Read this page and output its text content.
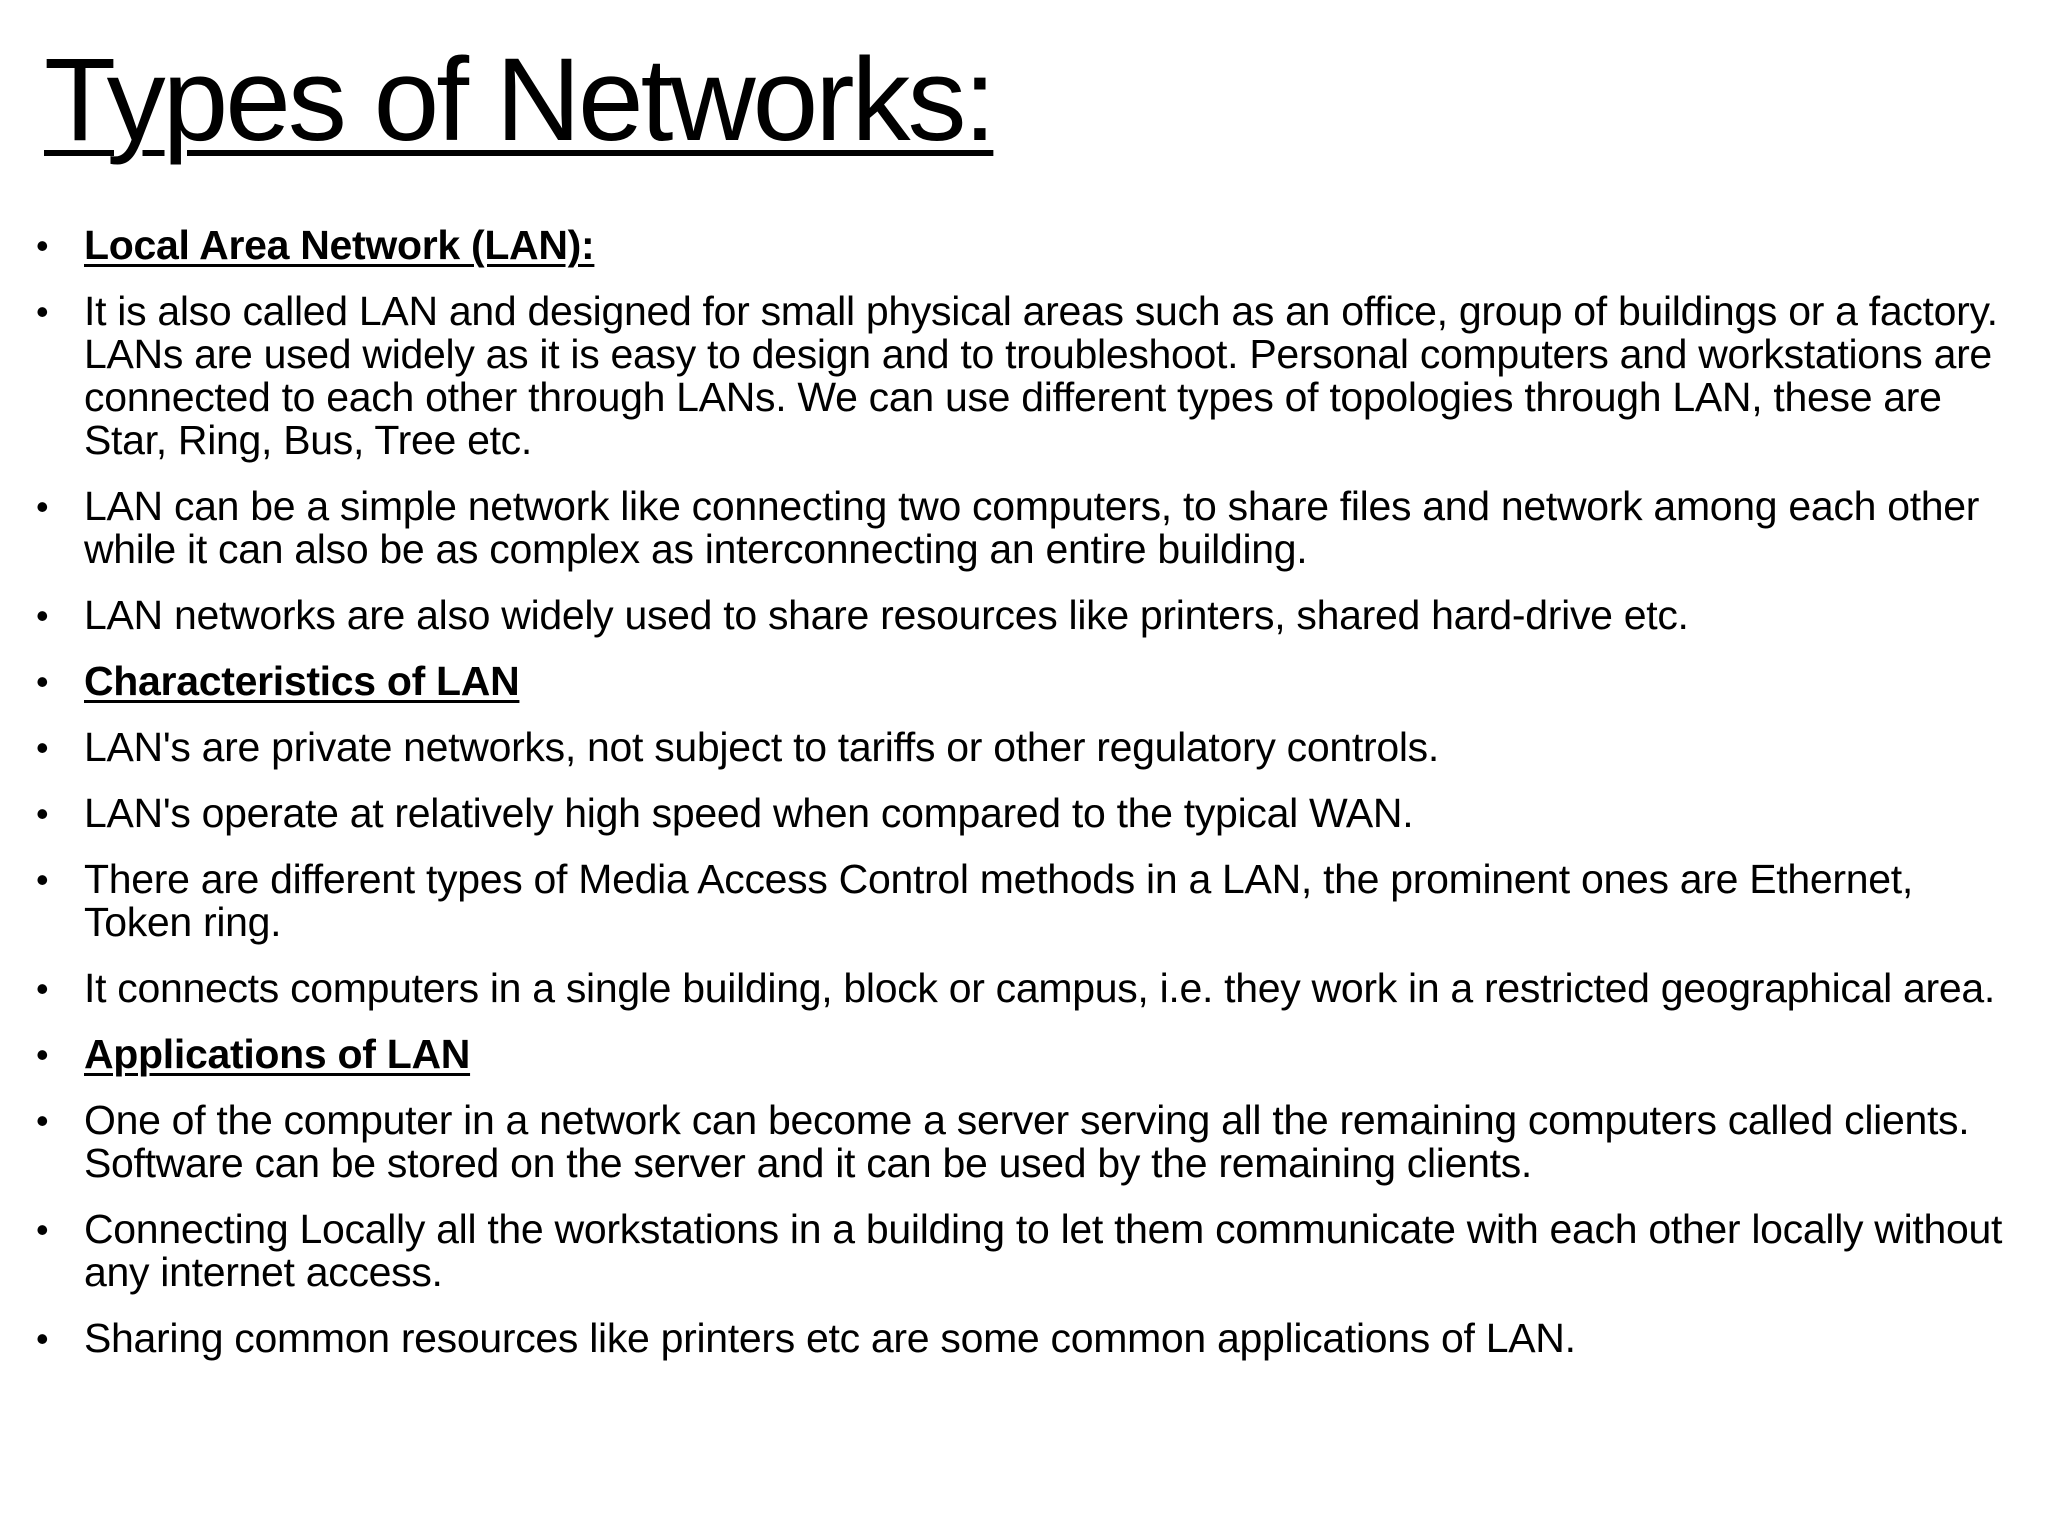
Types of Networks:
• Local Area Network (LAN):
• It is also called LAN and designed for small physical areas such as an office, group of buildings or a factory. LANs are used widely as it is easy to design and to troubleshoot. Personal computers and workstations are connected to each other through LANs. We can use different types of topologies through LAN, these are Star, Ring, Bus, Tree etc.
• LAN can be a simple network like connecting two computers, to share files and network among each other while it can also be as complex as interconnecting an entire building.
• LAN networks are also widely used to share resources like printers, shared hard-drive etc.
• Characteristics of LAN
• LAN's are private networks, not subject to tariffs or other regulatory controls.
• LAN's operate at relatively high speed when compared to the typical WAN.
• There are different types of Media Access Control methods in a LAN, the prominent ones are Ethernet, Token ring.
• It connects computers in a single building, block or campus, i.e. they work in a restricted geographical area.
• Applications of LAN
• One of the computer in a network can become a server serving all the remaining computers called clients. Software can be stored on the server and it can be used by the remaining clients.
• Connecting Locally all the workstations in a building to let them communicate with each other locally without any internet access.
• Sharing common resources like printers etc are some common applications of LAN.
